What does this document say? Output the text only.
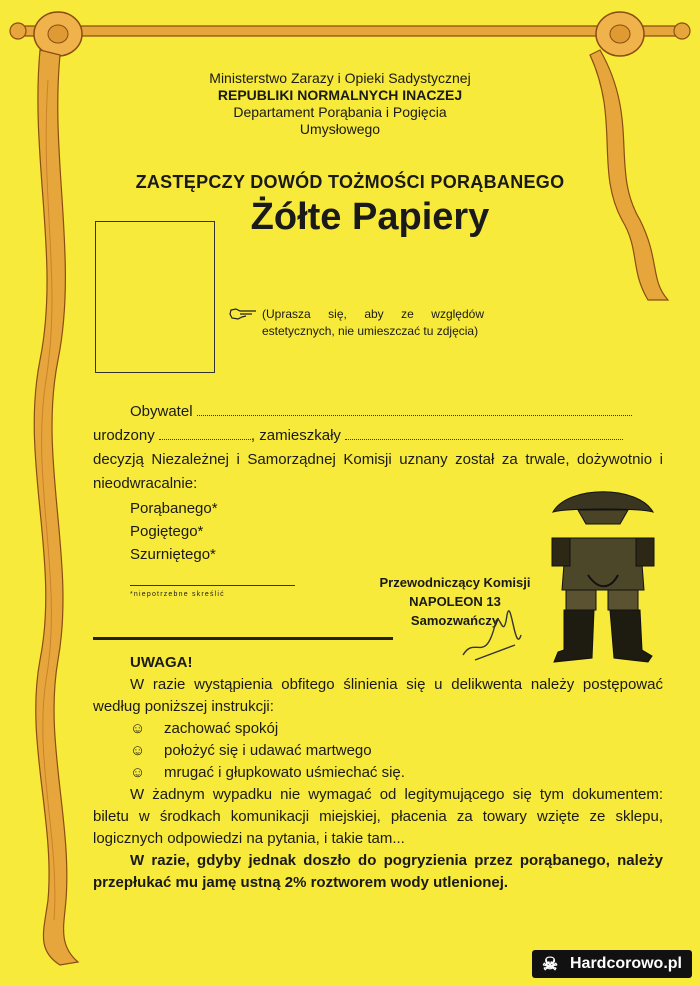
Ministerstwo Zarazy i Opieki Sadystycznej
REPUBLIKI NORMALNYCH INACZEJ
Departament Porąbania i Pogięcia
Umysłowego
ZASTĘPCZY DOWÓD TOŻMOŚCI PORĄBANEGO
Żółte Papiery
(Uprasza się, aby ze względów estetycznych, nie umieszczać tu zdjęcia)
Obywatel
urodzony	, zamieszkały
decyzją Niezależnej i Samorządnej Komisji uznany został za trwale, dożywotnio i nieodwracalnie:
Porąbanego*
Pogiętego*
Szurniętego*
*niepotrzebne skreślić
Przewodniczący Komisji
NAPOLEON 13
Samozwańczy

UWAGA!

W razie wystąpienia obfitego ślinienia się u delikwenta należy postępować według poniższej instrukcji:

☺ zachować spokój
☺ położyć się i udawać martwego
☺ mrugać i głupkowato uśmiechać się.

W żadnym wypadku nie wymagać od legitymującego się tym dokumentem: biletu w środkach komunikacji miejskiej, płacenia za towary wzięte ze sklepu, logicznych odpowiedzi na pytania, i takie tam...

W razie, gdyby jednak doszło do pogryzienia przez porąbanego, należy przepłukać mu jamę ustną 2% roztworem wody utlenionej.

☠ Hardcorowo.pl
